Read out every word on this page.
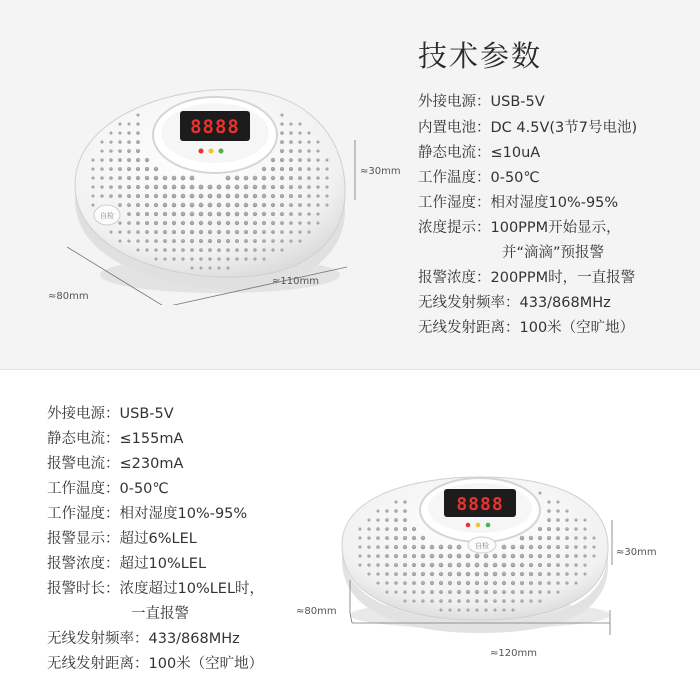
8888
自检
≈30mm
≈80mm
≈110mm
技术参数
外接电源：USB-5V
内置电池：DC 4.5V(3节7号电池)
静态电流：≤10uA
工作温度：0-50℃
工作湿度：相对湿度10%-95%
浓度提示：100PPM开始显示，
并“滴滴”预报警
报警浓度：200PPM时，一直报警
无线发射频率：433/868MHz
无线发射距离：100米（空旷地）
外接电源：USB-5V
静态电流：≤155mA
报警电流：≤230mA
工作温度：0-50℃
工作湿度：相对湿度10%-95%
报警显示：超过6%LEL
报警浓度：超过10%LEL
报警时长：浓度超过10%LEL时，
一直报警
无线发射频率：433/868MHz
无线发射距离：100米（空旷地）
8888
自检
≈30mm
≈80mm
≈120mm
